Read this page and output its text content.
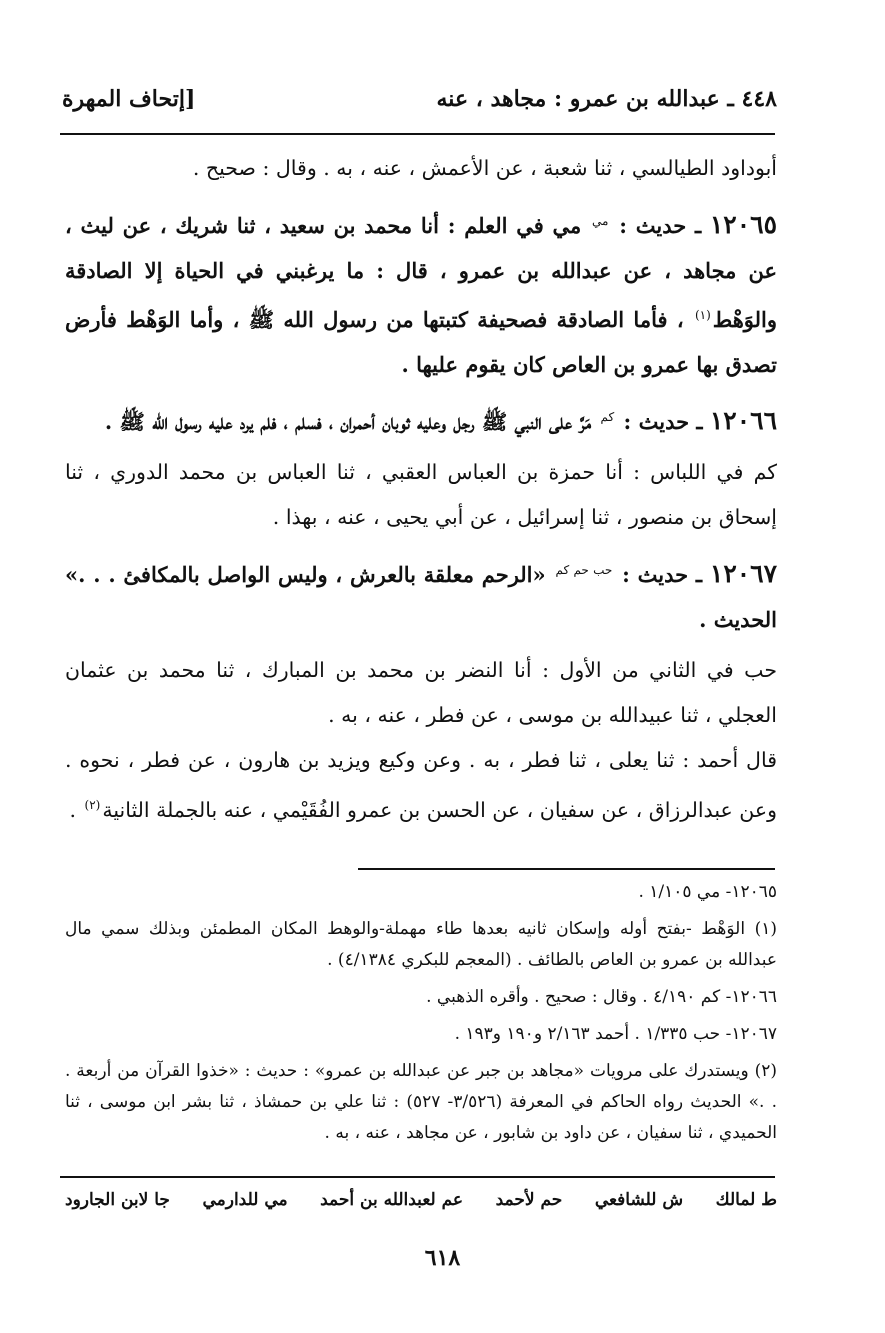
٤٤٨ ـ عبدالله بن عمرو : مجاهد ، عنه
[إتحاف المهرة

أبوداود الطيالسي ، ثنا شعبة ، عن الأعمش ، عنه ، به . وقال : صحيح .

١٢٠٦٥ ـ حديث : $^{مي}$ مي في العلم : أنا محمد بن سعيد ، ثنا شريك ، عن ليث ، عن مجاهد ، عن عبدالله بن عمرو ، قال : ما يرغبني في الحياة إلا الصادقة والوَهْط$^{(١)}$ ، فأما الصادقة فصحيفة كتبتها من رسول الله ﷺ ، وأما الوَهْط فأرض تصدق بها عمرو بن العاص كان يقوم عليها .

١٢٠٦٦ ـ حديث : $^{كم}$ مَرَّ على النبي ﷺ رجل وعليه ثوبان أحمران ، فسلم ، فلم يرد عليه رسول الله ﷺ .

كم في اللباس : أنا حمزة بن العباس العقبي ، ثنا العباس بن محمد الدوري ، ثنا إسحاق بن منصور ، ثنا إسرائيل ، عن أبي يحيى ، عنه ، بهذا .

١٢٠٦٧ ـ حديث : $^{حب حم كم}$ «الرحم معلقة بالعرش ، وليس الواصل بالمكافئ . . .» الحديث .

حب في الثاني من الأول : أنا النضر بن محمد بن المبارك ، ثنا محمد بن عثمان العجلي ، ثنا عبيدالله بن موسى ، عن فطر ، عنه ، به .

قال أحمد : ثنا يعلى ، ثنا فطر ، به . وعن وكيع ويزيد بن هارون ، عن فطر ، نحوه . وعن عبدالرزاق ، عن سفيان ، عن الحسن بن عمرو الفُقَيْمي ، عنه بالجملة الثانية$^{(٢)}$ .

١٢٠٦٥- مي ١/١٠٥ .

(١) الوَهْط -بفتح أوله وإسكان ثانيه بعدها طاء مهملة-والوهط المكان المطمئن وبذلك سمي مال عبدالله بن عمرو بن العاص بالطائف . (المعجم للبكري ٤/١٣٨٤) .

١٢٠٦٦- كم ٤/١٩٠ . وقال : صحيح . وأقره الذهبي .

١٢٠٦٧- حب ١/٣٣٥ . أحمد ٢/١٦٣ و١٩٠ و١٩٣ .

(٢) ويستدرك على مرويات «مجاهد بن جبر عن عبدالله بن عمرو» : حديث : «خذوا القرآن من أربعة . . .» الحديث رواه الحاكم في المعرفة (٣/٥٢٦- ٥٢٧) : ثنا علي بن حمشاذ ، ثنا بشر ابن موسى ، ثنا الحميدي ، ثنا سفيان ، عن داود بن شابور ، عن مجاهد ، عنه ، به .

ط لمالك
ش للشافعي
حم لأحمد
عم لعبدالله بن أحمد
مي للدارمي
جا لابن الجارود
٦١٨
